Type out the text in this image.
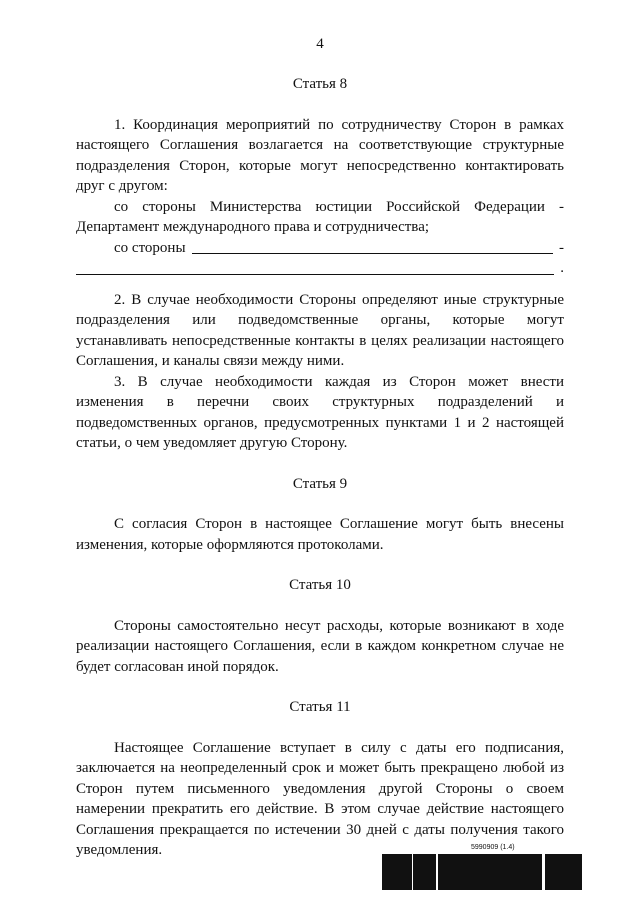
4

Статья 8

1. Координация мероприятий по сотрудничеству Сторон в рамках настоящего Соглашения возлагается на соответствующие структурные подразделения Сторон, которые могут непосредственно контактировать друг с другом:

со стороны Министерства юстиции Российской Федерации - Департамент международного права и сотрудничества;

со стороны	-
.

2. В случае необходимости Стороны определяют иные структурные подразделения или подведомственные органы, которые могут устанавливать непосредственные контакты в целях реализации настоящего Соглашения, и каналы связи между ними.

3. В случае необходимости каждая из Сторон может внести изменения в перечни своих структурных подразделений и подведомственных органов, предусмотренных пунктами 1 и 2 настоящей статьи, о чем уведомляет другую Сторону.

Статья 9

С согласия Сторон в настоящее Соглашение могут быть внесены изменения, которые оформляются протоколами.

Статья 10

Стороны самостоятельно несут расходы, которые возникают в ходе реализации настоящего Соглашения, если в каждом конкретном случае не будет согласован иной порядок.

Статья 11

Настоящее Соглашение вступает в силу с даты его подписания, заключается на неопределенный срок и может быть прекращено любой из Сторон путем письменного уведомления другой Стороны о своем намерении прекратить его действие. В этом случае действие настоящего Соглашения прекращается по истечении 30 дней с даты получения такого уведомления.	5990909 (1.4)
